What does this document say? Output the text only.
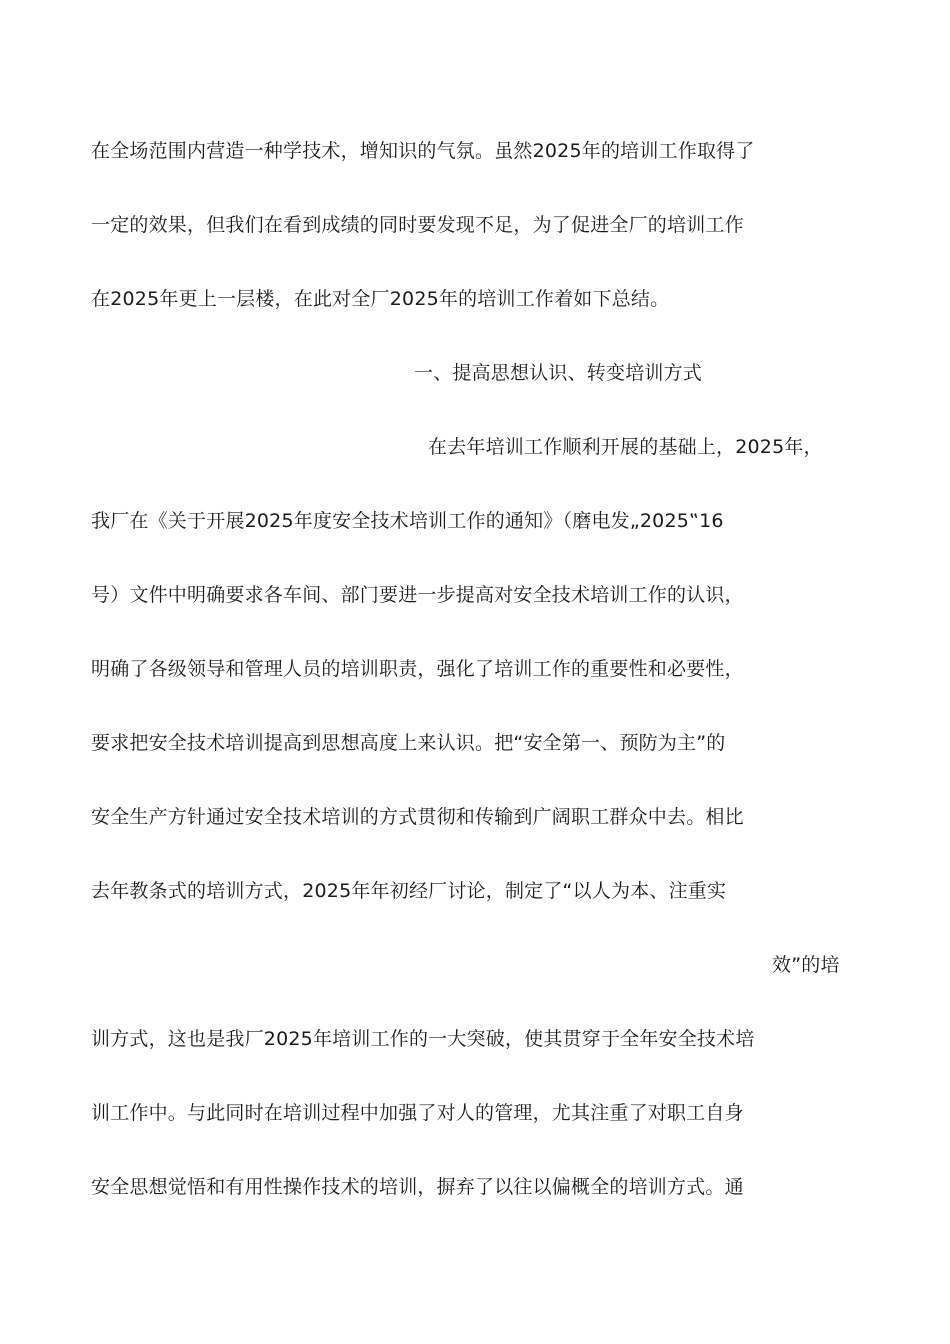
在全场范围内营造一种学技术，增知识的气氛。虽然2025年的培训工作取得了
一定的效果，但我们在看到成绩的同时要发现不足，为了促进全厂的培训工作
在2025年更上一层楼，在此对全厂2025年的培训工作着如下总结。
一、提高思想认识、转变培训方式
在去年培训工作顺利开展的基础上，2025年，
我厂在《关于开展2025年度安全技术培训工作的通知》（磨电发„2025‟16
号）文件中明确要求各车间、部门要进一步提高对安全技术培训工作的认识，
明确了各级领导和管理人员的培训职责，强化了培训工作的重要性和必要性，
要求把安全技术培训提高到思想高度上来认识。把“安全第一、预防为主”的
安全生产方针通过安全技术培训的方式贯彻和传输到广阔职工群众中去。相比
去年教条式的培训方式，2025年年初经厂讨论，制定了“以人为本、注重实
效”的培
训方式，这也是我厂2025年培训工作的一大突破，使其贯穿于全年安全技术培
训工作中。与此同时在培训过程中加强了对人的管理，尤其注重了对职工自身
安全思想觉悟和有用性操作技术的培训，摒弃了以往以偏概全的培训方式。通
